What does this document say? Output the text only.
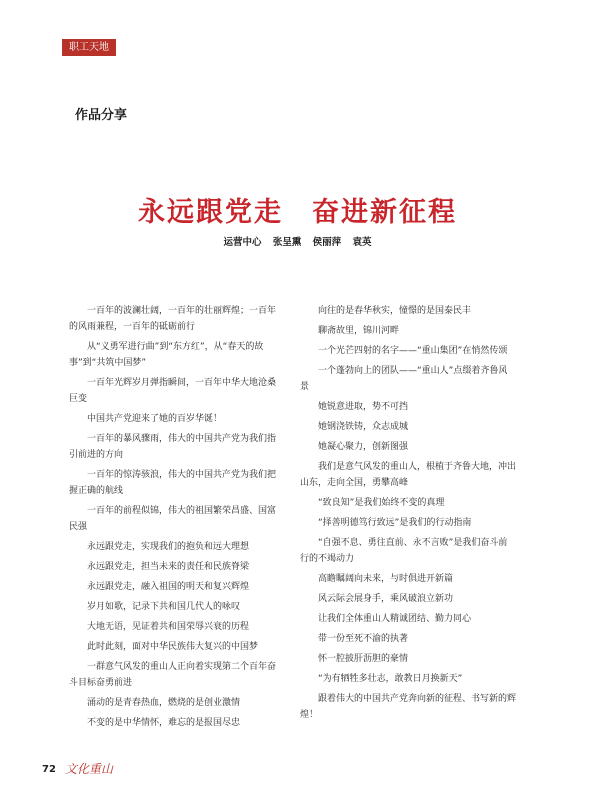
职工天地
作品分享
永远跟党走　奋进新征程
运营中心 张呈熏 侯丽萍 袁英
一百年的波澜壮阔，一百年的壮丽辉煌；一百年的风雨兼程，一百年的砥砺前行
从“义勇军进行曲”到“东方红”，从“春天的故事”到“共筑中国梦”
一百年光辉岁月弹指瞬间，一百年中华大地沧桑巨变
中国共产党迎来了她的百岁华诞！
一百年的暴风骤雨，伟大的中国共产党为我们指引前进的方向
一百年的惊涛骇浪，伟大的中国共产党为我们把握正确的航线
一百年的前程似锦，伟大的祖国繁荣昌盛、国富民强
永远跟党走，实现我们的抱负和远大理想
永远跟党走，担当未来的责任和民族脊梁
永远跟党走，融入祖国的明天和复兴辉煌
岁月如歌，记录下共和国几代人的咏叹
大地无语，见证着共和国荣辱兴衰的历程
此时此刻，面对中华民族伟大复兴的中国梦
一群意气风发的重山人正向着实现第二个百年奋斗目标奋勇前进
涌动的是青春热血，燃烧的是创业激情
不变的是中华情怀，难忘的是报国尽忠
向往的是春华秋实，憧憬的是国泰民丰
聊斋故里，锦川河畔
一个光芒四射的名字——“重山集团”在悄然传颂
一个蓬勃向上的团队——“重山人”点缀着齐鲁风景
她锐意进取，势不可挡
她钢浇铁铸，众志成城
她凝心聚力，创新图强
我们是意气风发的重山人，根植于齐鲁大地，冲出山东，走向全国，勇攀高峰
“致良知”是我们始终不变的真理
“择善明德笃行致远”是我们的行动指南
“自强不息、勇往直前、永不言败”是我们奋斗前行的不竭动力
高瞻瞩阔向未来，与时俱进开新篇
风云际会展身手，乘风破浪立新功
让我们全体重山人精诚团结、勤力同心
带一份至死不渝的执著
怀一腔披肝沥胆的豪情
“为有牺牲多壮志，敢教日月换新天”
跟着伟大的中国共产党奔向新的征程、书写新的辉煌！
72 文化重山
